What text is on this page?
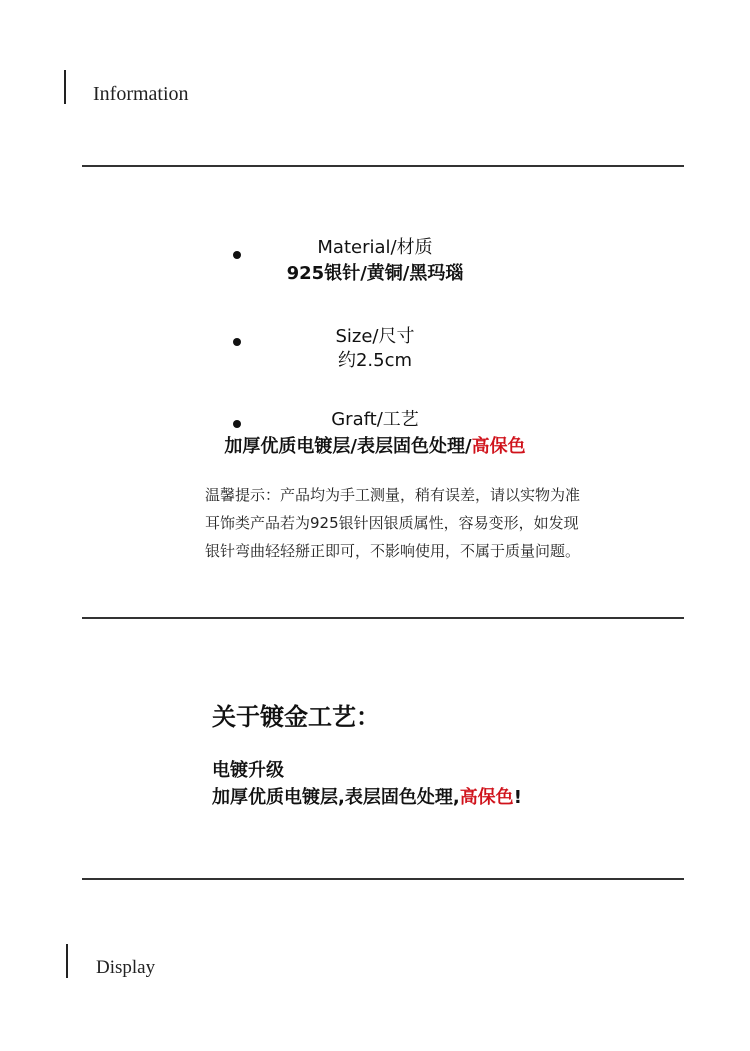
Information
Material/材质
925银针/黄铜/黑玛瑙
Size/尺寸
约2.5cm
Graft/工艺
加厚优质电镀层/表层固色处理/高保色
温馨提示：产品均为手工测量，稍有误差，请以实物为准
耳饰类产品若为925银针因银质属性，容易变形，如发现
银针弯曲轻轻掰正即可，不影响使用，不属于质量问题。
关于镀金工艺：
电镀升级
加厚优质电镀层,表层固色处理,高保色!
Display
